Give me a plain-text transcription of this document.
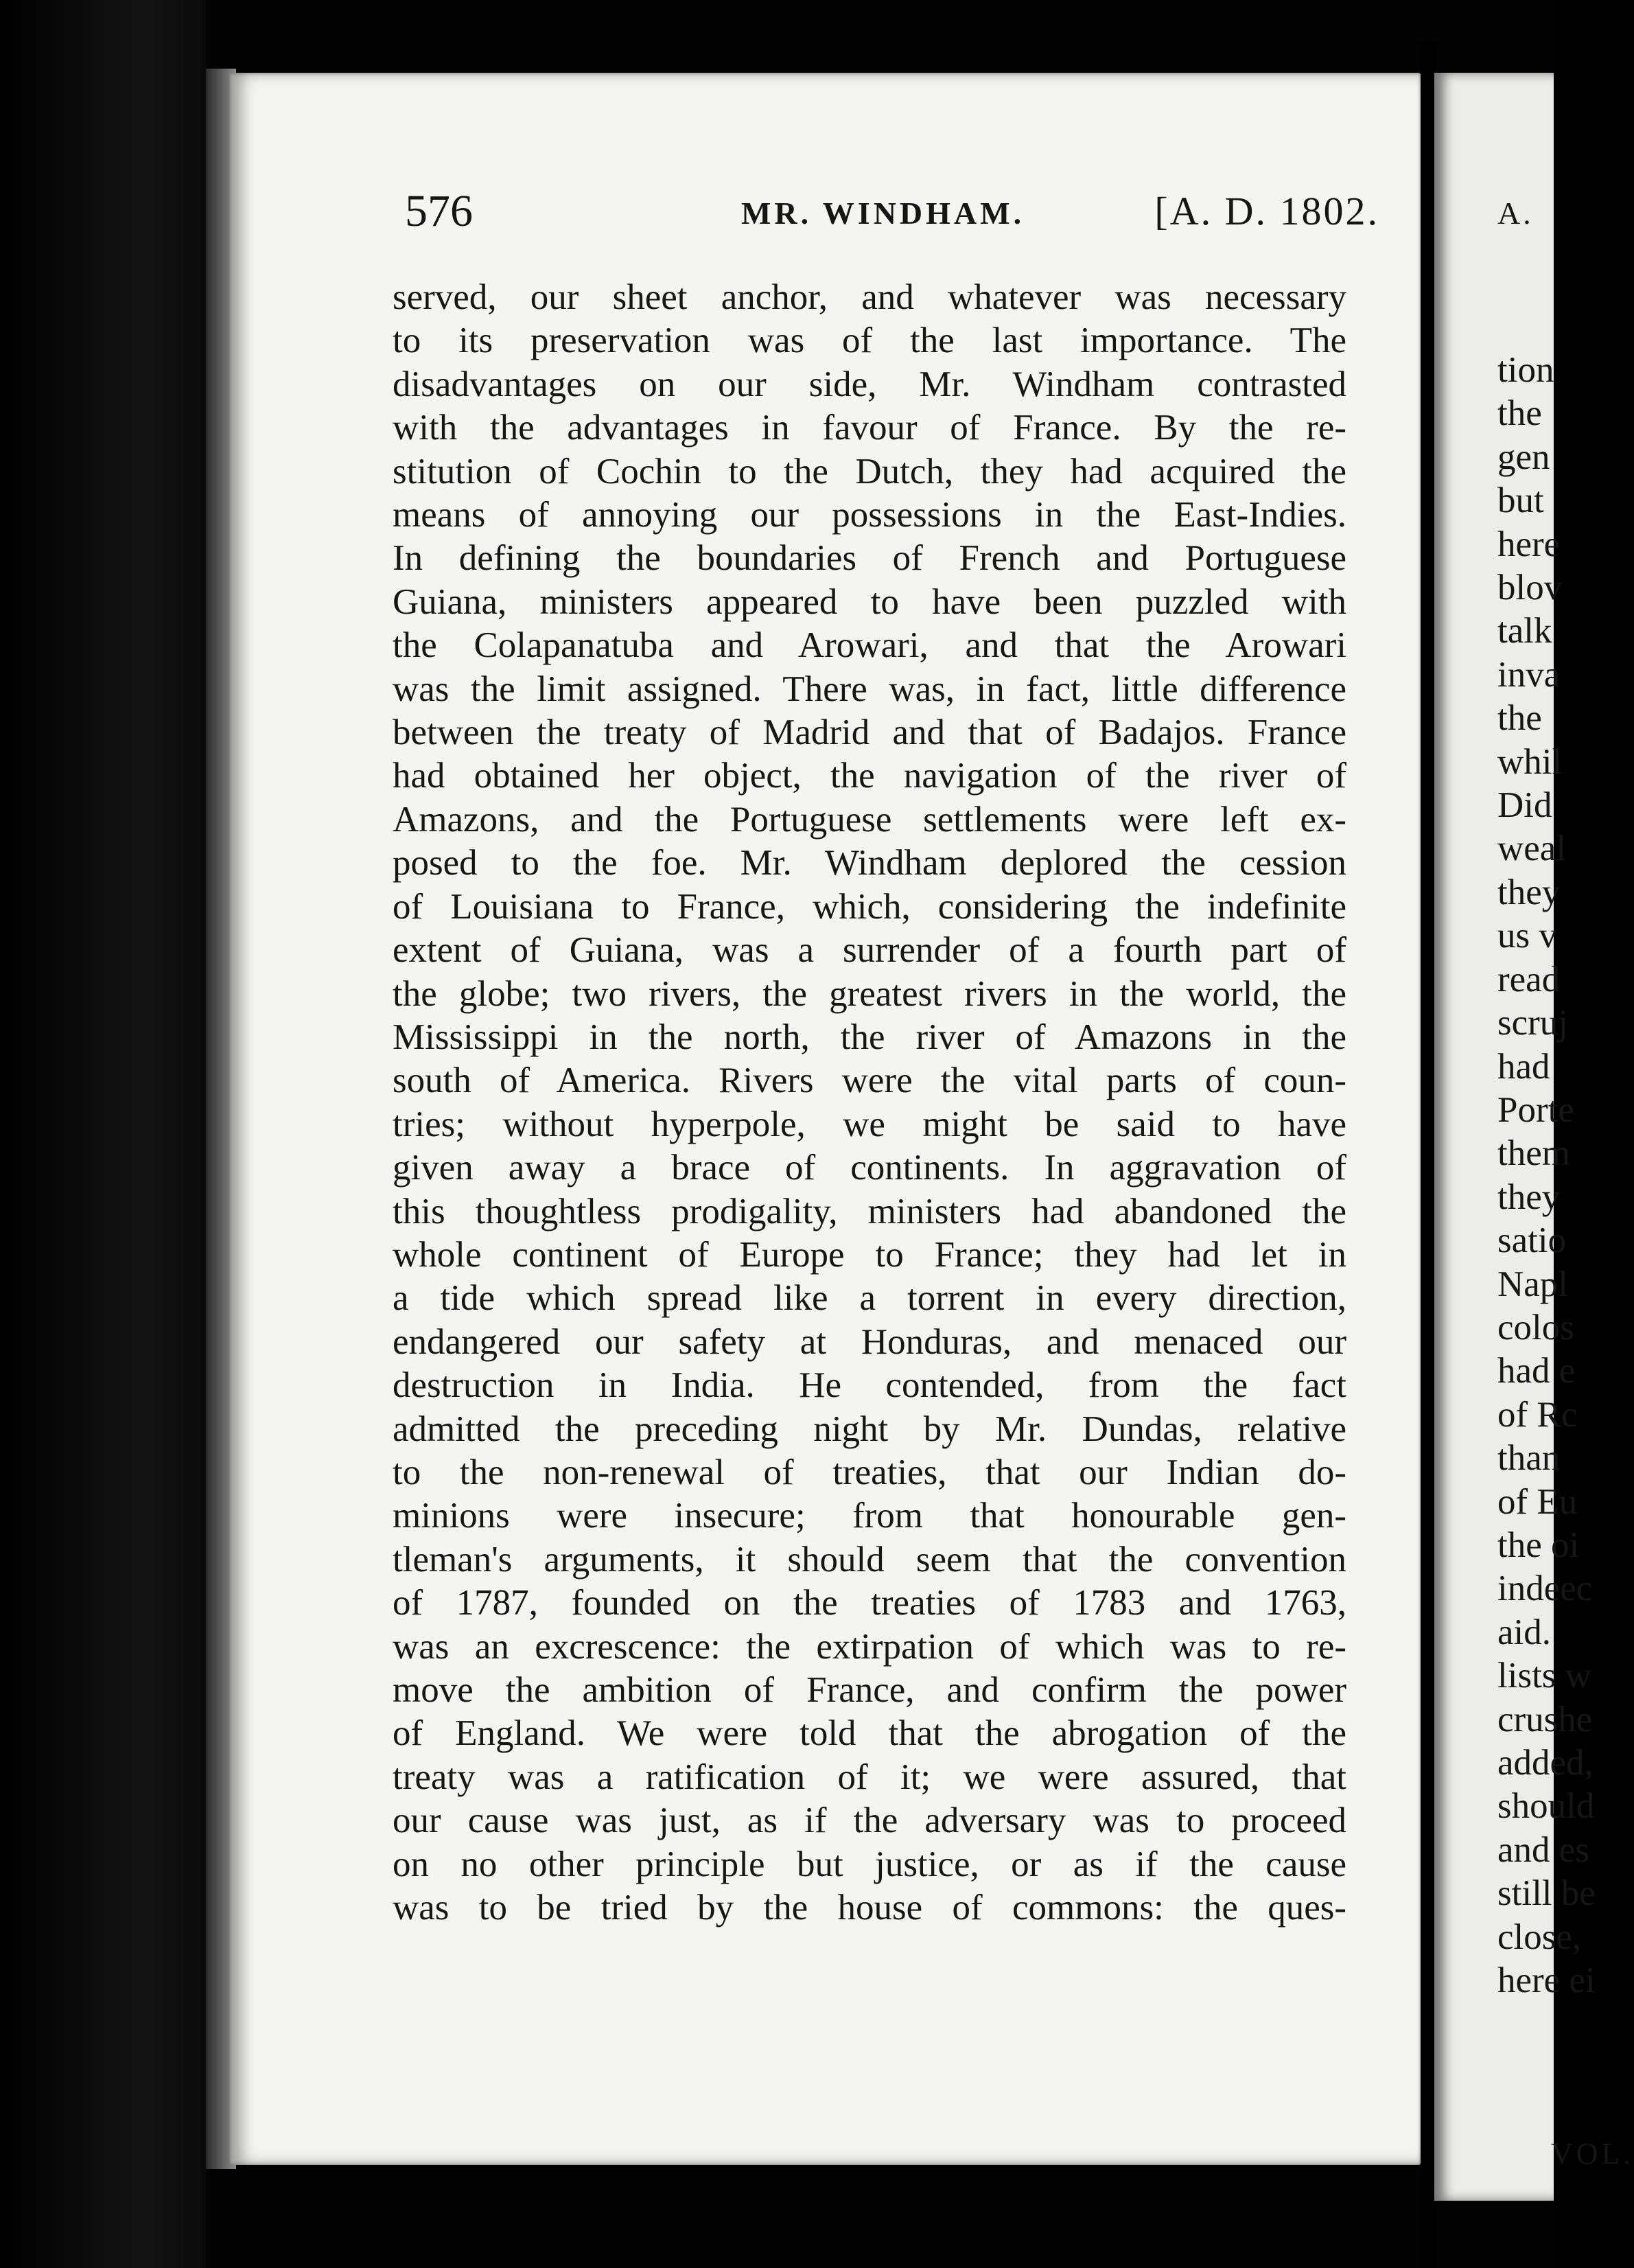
576	MR. WINDHAM.	[A. D. 1802.
served, our sheet anchor, and whatever was necessary
to its preservation was of the last importance. The
disadvantages on our side, Mr. Windham contrasted
with the advantages in favour of France. By the re-
stitution of Cochin to the Dutch, they had acquired the
means of annoying our possessions in the East-Indies.
In defining the boundaries of French and Portuguese
Guiana, ministers appeared to have been puzzled with
the Colapanatuba and Arowari, and that the Arowari
was the limit assigned. There was, in fact, little difference
between the treaty of Madrid and that of Badajos. France
had obtained her object, the navigation of the river of
Amazons, and the Portuguese settlements were left ex-
posed to the foe. Mr. Windham deplored the cession
of Louisiana to France, which, considering the indefinite
extent of Guiana, was a surrender of a fourth part of
the globe; two rivers, the greatest rivers in the world, the
Mississippi in the north, the river of Amazons in the
south of America. Rivers were the vital parts of coun-
tries; without hyperpole, we might be said to have
given away a brace of continents. In aggravation of
this thoughtless prodigality, ministers had abandoned the
whole continent of Europe to France; they had let in
a tide which spread like a torrent in every direction,
endangered our safety at Honduras, and menaced our
destruction in India. He contended, from the fact
admitted the preceding night by Mr. Dundas, relative
to the non-renewal of treaties, that our Indian do-
minions were insecure; from that honourable gen-
tleman's arguments, it should seem that the convention
of 1787, founded on the treaties of 1783 and 1763,
was an excrescence: the extirpation of which was to re-
move the ambition of France, and confirm the power
of England. We were told that the abrogation of the
treaty was a ratification of it; we were assured, that
our cause was just, as if the adversary was to proceed
on no other principle but justice, or as if the cause
was to be tried by the house of commons: the ques-
A.
tion
the
gen
but
here
blov
talk
inva
the
whil
Did
weal
they
us v
read
scruj
had
Porte
them
they
satio
Napl
colos
had e
of Rc
than
of Eu
the oi
indeec
aid.
lists w
crushe
added,
should
and es
still be
close,
here ei
VOL.
